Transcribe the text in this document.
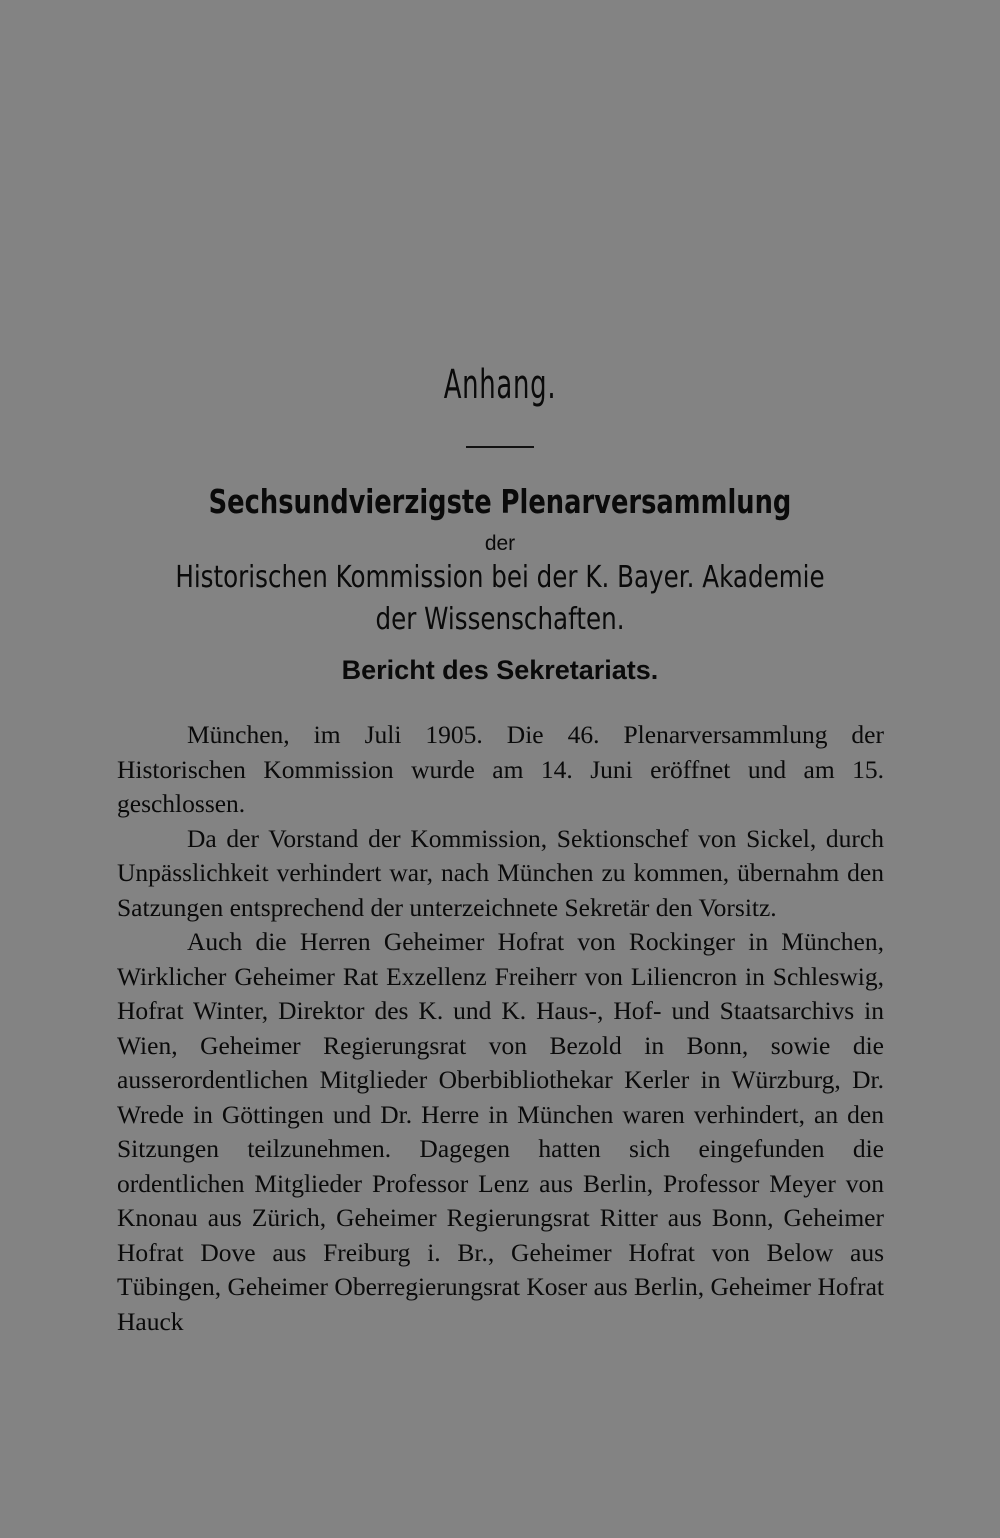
Anhang.
Sechsundvierzigste Plenarversammlung
der
Historischen Kommission bei der K. Bayer. Akademie
der Wissenschaften.
Bericht des Sekretariats.

München, im Juli 1905. Die 46. Plenarversammlung der Historischen Kommission wurde am 14. Juni eröffnet und am 15. geschlossen.

Da der Vorstand der Kommission, Sektionschef von Sickel, durch Unpässlichkeit verhindert war, nach München zu kommen, übernahm den Satzungen entsprechend der unterzeichnete Sekretär den Vorsitz.

Auch die Herren Geheimer Hofrat von Rockinger in München, Wirklicher Geheimer Rat Exzellenz Freiherr von Liliencron in Schleswig, Hofrat Winter, Direktor des K. und K. Haus-, Hof- und Staatsarchivs in Wien, Geheimer Regierungsrat von Bezold in Bonn, sowie die ausserordentlichen Mitglieder Oberbibliothekar Kerler in Würzburg, Dr. Wrede in Göttingen und Dr. Herre in München waren verhindert, an den Sitzungen teilzunehmen. Dagegen hatten sich eingefunden die ordentlichen Mitglieder Professor Lenz aus Berlin, Professor Meyer von Knonau aus Zürich, Geheimer Regierungsrat Ritter aus Bonn, Geheimer Hofrat Dove aus Freiburg i. Br., Geheimer Hofrat von Below aus Tübingen, Geheimer Oberregierungsrat Koser aus Berlin, Geheimer Hofrat Hauck
